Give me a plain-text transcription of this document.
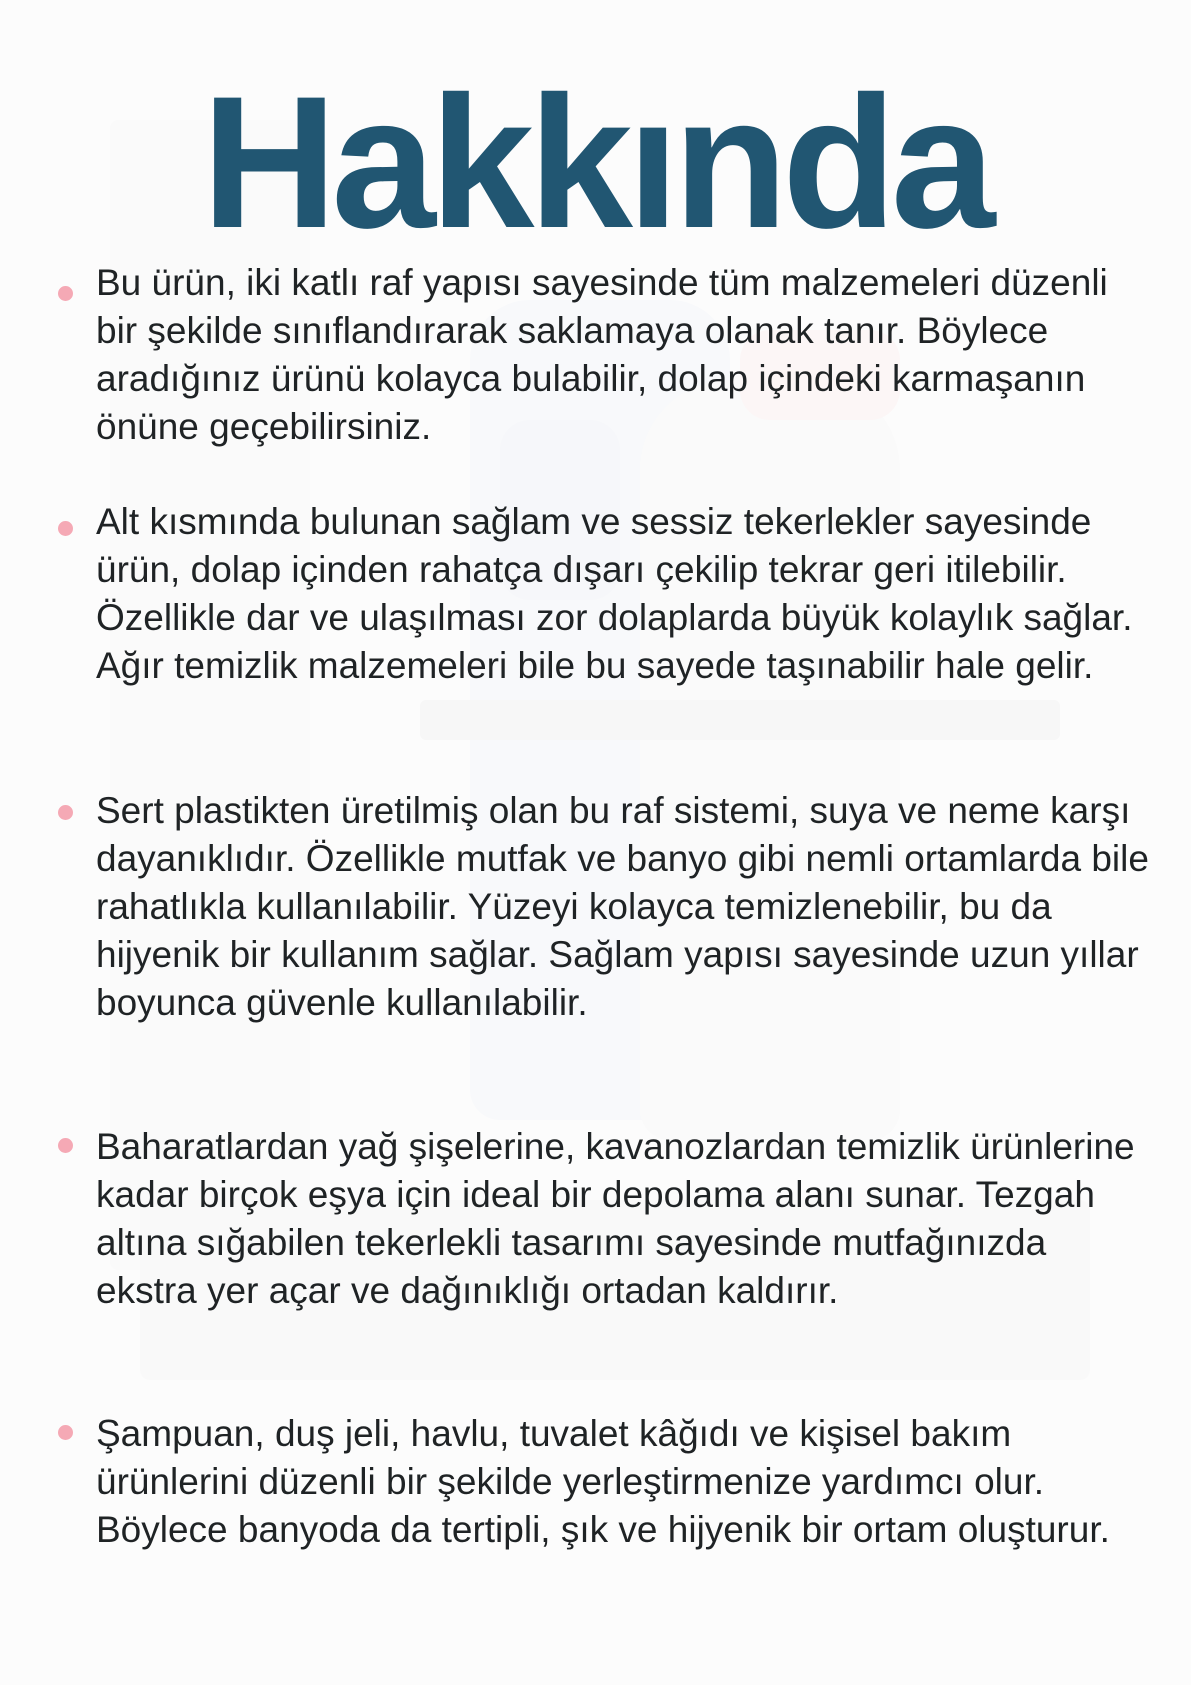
Hakkında
Bu ürün, iki katlı raf yapısı sayesinde tüm malzemeleri düzenli bir şekilde sınıflandırarak saklamaya olanak tanır. Böylece aradığınız ürünü kolayca bulabilir, dolap içindeki karmaşanın önüne geçebilirsiniz.
Alt kısmında bulunan sağlam ve sessiz tekerlekler sayesinde ürün, dolap içinden rahatça dışarı çekilip tekrar geri itilebilir. Özellikle dar ve ulaşılması zor dolaplarda büyük kolaylık sağlar. Ağır temizlik malzemeleri bile bu sayede taşınabilir hale gelir.
Sert plastikten üretilmiş olan bu raf sistemi, suya ve neme karşı dayanıklıdır. Özellikle mutfak ve banyo gibi nemli ortamlarda bile rahatlıkla kullanılabilir. Yüzeyi kolayca temizlenebilir, bu da hijyenik bir kullanım sağlar. Sağlam yapısı sayesinde uzun yıllar boyunca güvenle kullanılabilir.
Baharatlardan yağ şişelerine, kavanozlardan temizlik ürünlerine kadar birçok eşya için ideal bir depolama alanı sunar. Tezgah altına sığabilen tekerlekli tasarımı sayesinde mutfağınızda ekstra yer açar ve dağınıklığı ortadan kaldırır.
Şampuan, duş jeli, havlu, tuvalet kâğıdı ve kişisel bakım ürünlerini düzenli bir şekilde yerleştirmenize yardımcı olur. Böylece banyoda da tertipli, şık ve hijyenik bir ortam oluşturur.
